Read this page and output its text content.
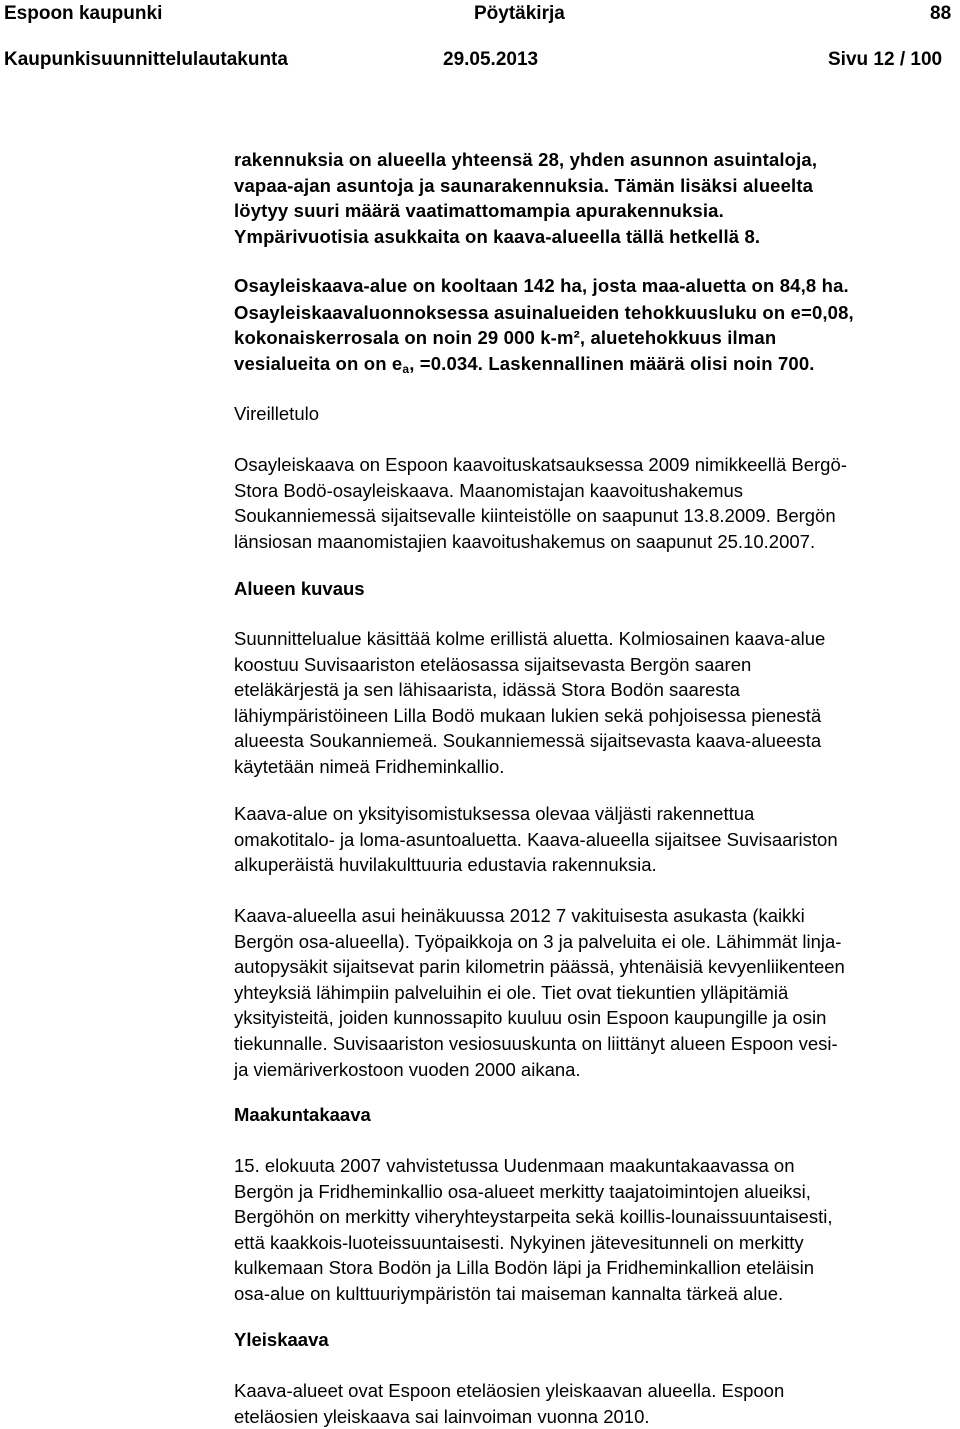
Espoon kaupunki	Pöytäkirja	88
Kaupunkisuunnittelulautakunta	29.05.2013	Sivu 12 / 100
rakennuksia on alueella yhteensä 28, yhden asunnon asuintaloja,
vapaa-ajan asuntoja ja saunarakennuksia. Tämän lisäksi alueelta
löytyy suuri määrä vaatimattomampia apurakennuksia.
Ympärivuotisia asukkaita on kaava-alueella tällä hetkellä 8.
Osayleiskaava-alue on kooltaan 142 ha, josta maa-aluetta on 84,8 ha.
Osayleiskaavaluonnoksessa asuinalueiden tehokkuusluku on e=0,08,
kokonaiskerrosala on noin 29 000 k-m², aluetehokkuus ilman
vesialueita on on $e_a$, =0.034. Laskennallinen määrä olisi noin 700.
Vireilletulo
Osayleiskaava on Espoon kaavoituskatsauksessa 2009 nimikkeellä Bergö-
Stora Bodö-osayleiskaava. Maanomistajan kaavoitushakemus
Soukanniemessä sijaitsevalle kiinteistölle on saapunut 13.8.2009. Bergön
länsiosan maanomistajien kaavoitushakemus on saapunut 25.10.2007.
Alueen kuvaus
Suunnittelualue käsittää kolme erillistä aluetta. Kolmiosainen kaava-alue
koostuu Suvisaariston eteläosassa sijaitsevasta Bergön saaren
eteläkärjestä ja sen lähisaarista, idässä Stora Bodön saaresta
lähiympäristöineen Lilla Bodö mukaan lukien sekä pohjoisessa pienestä
alueesta Soukanniemeä. Soukanniemessä sijaitsevasta kaava-alueesta
käytetään nimeä Fridheminkallio.
Kaava-alue on yksityisomistuksessa olevaa väljästi rakennettua
omakotitalo- ja loma-asuntoaluetta. Kaava-alueella sijaitsee Suvisaariston
alkuperäistä huvilakulttuuria edustavia rakennuksia.
Kaava-alueella asui heinäkuussa 2012 7 vakituisesta asukasta (kaikki
Bergön osa-alueella). Työpaikkoja on 3 ja palveluita ei ole. Lähimmät linja-
autopysäkit sijaitsevat parin kilometrin päässä, yhtenäisiä kevyenliikenteen
yhteyksiä lähimpiin palveluihin ei ole. Tiet ovat tiekuntien ylläpitämiä
yksityisteitä, joiden kunnossapito kuuluu osin Espoon kaupungille ja osin
tiekunnalle. Suvisaariston vesiosuuskunta on liittänyt alueen Espoon vesi-
ja viemäriverkostoon vuoden 2000 aikana.
Maakuntakaava
15. elokuuta 2007 vahvistetussa Uudenmaan maakuntakaavassa on
Bergön ja Fridheminkallio osa-alueet merkitty taajatoimintojen alueiksi,
Bergöhön on merkitty viheryhteystarpeita sekä koillis-lounaissuuntaisesti,
että kaakkois-luoteissuuntaisesti. Nykyinen jätevesitunneli on merkitty
kulkemaan Stora Bodön ja Lilla Bodön läpi ja Fridheminkallion eteläisin
osa-alue on kulttuuriympäristön tai maiseman kannalta tärkeä alue.
Yleiskaava
Kaava-alueet ovat Espoon eteläosien yleiskaavan alueella. Espoon
eteläosien yleiskaava sai lainvoiman vuonna 2010.
